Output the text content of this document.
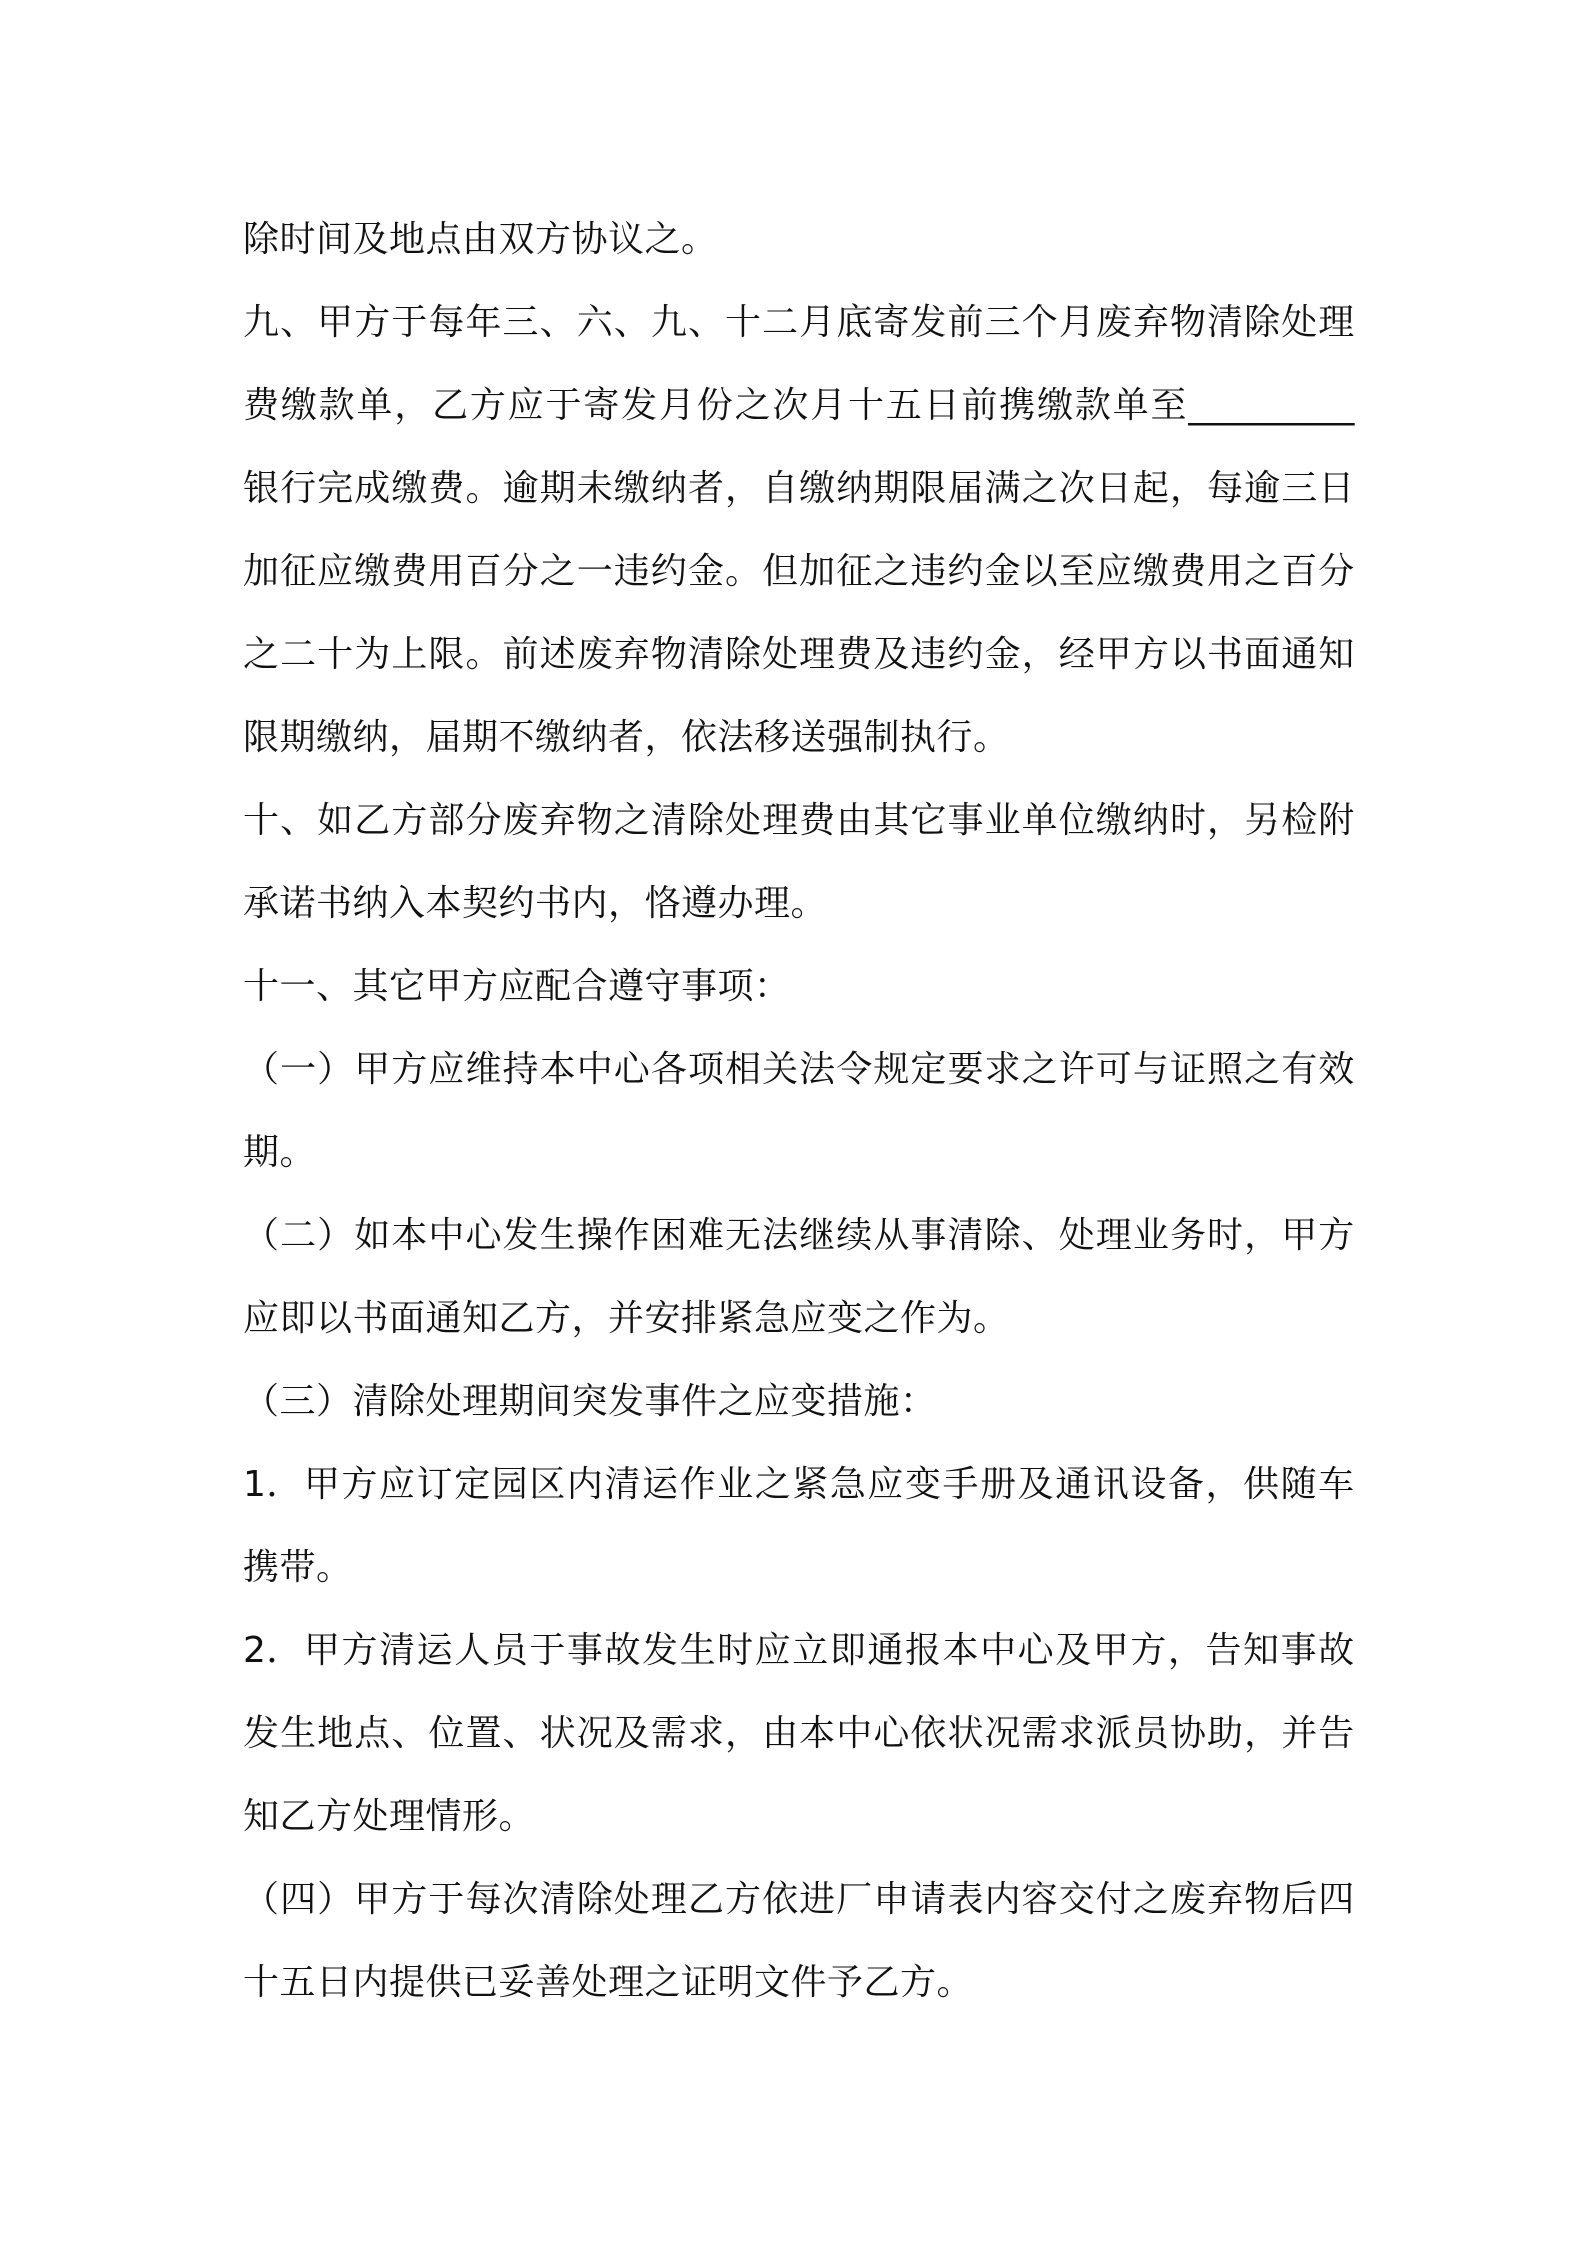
除时间及地点由双方协议之。
九 、 甲 方 于 每 年 三 、 六 、 九 、 十 二 月 底 寄 发 前 三 个 月 废 弃 物 清 除 处 理
费 缴 款 单 ， 乙 方 应 于 寄 发 月 份 之 次 月 十 五 日 前 携 缴 款 单 至 _________
银 行 完 成 缴 费 。 逾 期 未 缴 纳 者 ， 自 缴 纳 期 限 届 满 之 次 日 起 ， 每 逾 三 日
加 征 应 缴 费 用 百 分 之 一 违 约 金 。 但 加 征 之 违 约 金 以 至 应 缴 费 用 之 百 分
之 二 十 为 上 限 。 前 述 废 弃 物 清 除 处 理 费 及 违 约 金 ， 经 甲 方 以 书 面 通 知
限期缴纳，届期不缴纳者，依法移送强制执行。
十 、 如 乙 方 部 分 废 弃 物 之 清 除 处 理 费 由 其 它 事 业 单 位 缴 纳 时 ， 另 检 附
承诺书纳入本契约书内，恪遵办理。
十一、其它甲方应配合遵守事项：
（ 一 ） 甲 方 应 维 持 本 中 心 各 项 相 关 法 令 规 定 要 求 之 许 可 与 证 照 之 有 效
期。
（ 二 ） 如 本 中 心 发 生 操 作 困 难 无 法 继 续 从 事 清 除 、 处 理 业 务 时 ， 甲 方
应即以书面通知乙方，并安排紧急应变之作为。
（三）清除处理期间突发事件之应变措施：
1． 甲 方 应 订 定 园 区 内 清 运 作 业 之 紧 急 应 变 手 册 及 通 讯 设 备 ， 供 随 车
携带。
2． 甲 方 清 运 人 员 于 事 故 发 生 时 应 立 即 通 报 本 中 心 及 甲 方 ， 告 知 事 故
发 生 地 点 、 位 置 、 状 况 及 需 求 ， 由 本 中 心 依 状 况 需 求 派 员 协 助 ， 并 告
知乙方处理情形。
（ 四 ） 甲 方 于 每 次 清 除 处 理 乙 方 依 进 厂 申 请 表 内 容 交 付 之 废 弃 物 后 四
十五日内提供已妥善处理之证明文件予乙方。
